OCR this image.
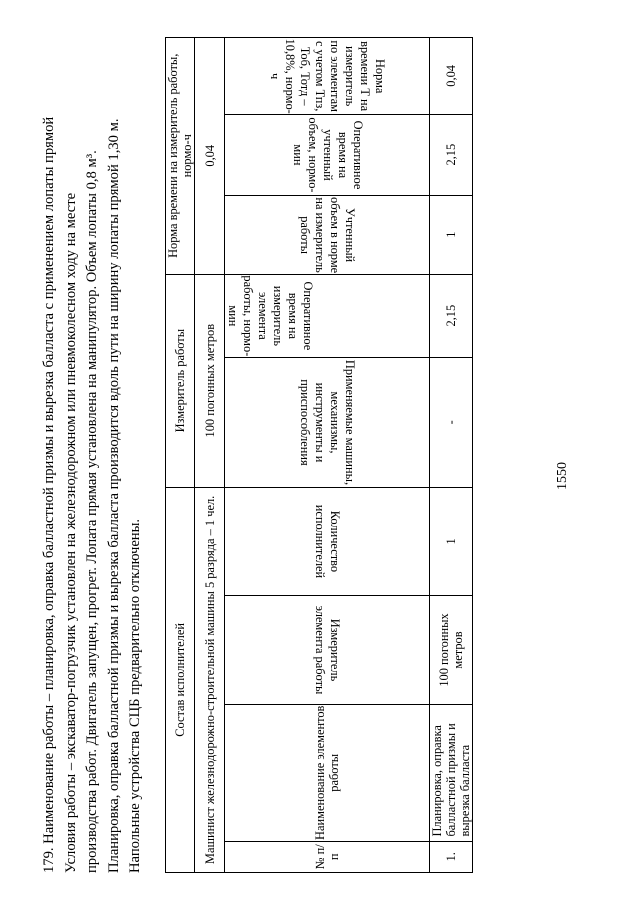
1550

179. Наименование работы – планировка, оправка балластной призмы и вырезка балласта с применением лопаты прямой Условия работы – экскаватор-погрузчик установлен на железнодорожном или пневмоколесном ходу на месте производства работ. Двигатель запущен, прогрет. Лопата прямая установлена на манипулятор. Объем лопаты 0,8 м³. Планировка, оправка балластной призмы и вырезка балласта производится вдоль пути на ширину лопаты прямой 1,30 м. Напольные устройства СЦБ предварительно отключены. Состав исполнителей				Измеритель работы		Норма времени на измеритель работы, нормо-ч		
Машинист железнодорожно-строительной машины 5 разряда – 1 чел.				100 погонных метров		0,04		
№ п/п	Наименование элементов работы	Измеритель элемента работы	Количество исполнителей	Применяемые машины, механизмы, инструменты и приспособления	Оперативное время на измеритель элемента работы, нормо-мин	Учтенный объем в норме на измеритель работы	Оперативное время на учтенный объем, нормо-мин	Норма времени Т на измеритель по элементам с учетом Тпз, Тоб, Тотд – 10,8%, нормо-ч
1.	Планировка, оправка балластной призмы и вырезка балласта	100 погонных метров	1	-	2,15	1	2,15	0,04
